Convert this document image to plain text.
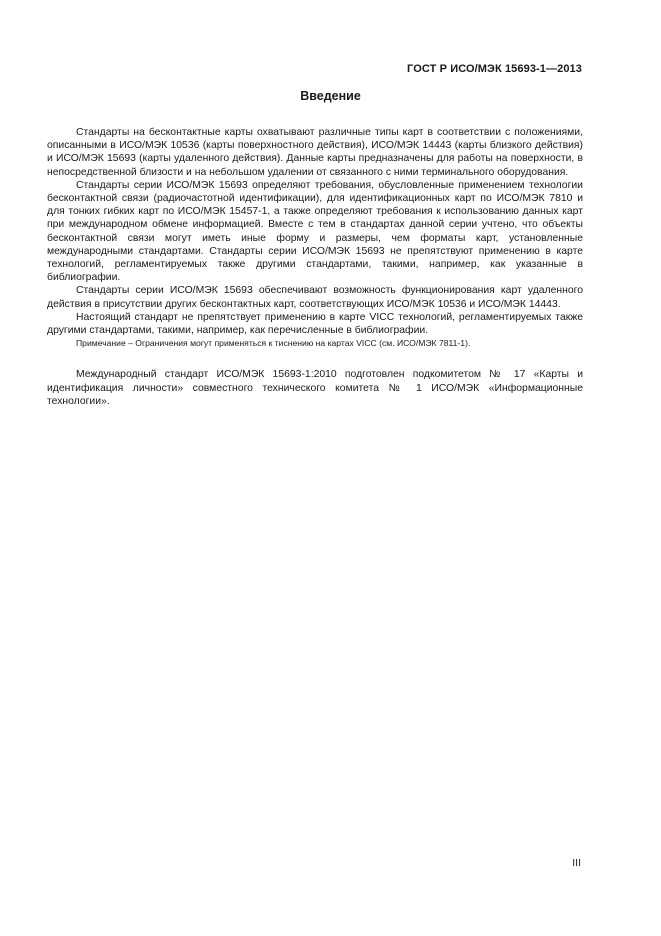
ГОСТ Р ИСО/МЭК 15693-1—2013
Введение

Стандарты на бесконтактные карты охватывают различные типы карт в соответствии с положениями, описанными в ИСО/МЭК 10536 (карты поверхностного действия), ИСО/МЭК 14443 (карты близкого действия) и ИСО/МЭК 15693 (карты удаленного действия). Данные карты предназначены для работы на поверхности, в непосредственной близости и на небольшом удалении от связанного с ними терминального оборудования.

Стандарты серии ИСО/МЭК 15693 определяют требования, обусловленные применением технологии бесконтактной связи (радиочастотной идентификации), для идентификационных карт по ИСО/МЭК 7810 и для тонких гибких карт по ИСО/МЭК 15457-1, а также определяют требования к использованию данных карт при международном обмене информацией. Вместе с тем в стандартах данной серии учтено, что объекты бесконтактной связи могут иметь иные форму и размеры, чем форматы карт, установленные международными стандартами. Стандарты серии ИСО/МЭК 15693 не препятствуют применению в карте технологий, регламентируемых также другими стандартами, такими, например, как указанные в библиографии.

Стандарты серии ИСО/МЭК 15693 обеспечивают возможность функционирования карт удаленного действия в присутствии других бесконтактных карт, соответствующих ИСО/МЭК 10536 и ИСО/МЭК 14443.

Настоящий стандарт не препятствует применению в карте VICC технологий, регламентируемых также другими стандартами, такими, например, как перечисленные в библиографии.

Примечание – Ограничения могут применяться к тиснению на картах VICC (см. ИСО/МЭК 7811-1).

Международный стандарт ИСО/МЭК 15693-1:2010 подготовлен подкомитетом № 17 «Карты и идентификация личности» совместного технического комитета № 1 ИСО/МЭК «Информационные технологии».

III
